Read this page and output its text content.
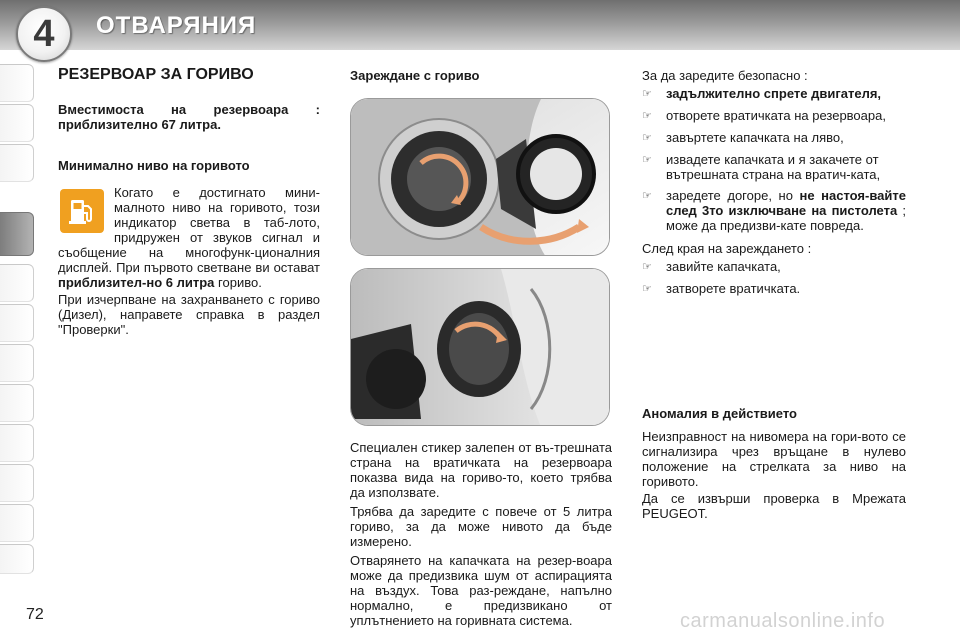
4 ОТВАРЯНИЯ

РЕЗЕРВОАР ЗА ГОРИВО

Вместимостa на резервоара : приблизително 67 литра.

Минимално ниво на горивото

Когато е достигнато мини-малното ниво на горивото, този индикатор светва в таб-лото, придружен от звуков сигнал и съобщение на многофунк-ционалния дисплей. При първото светване ви остават приблизител-но 6 литра гориво.

При изчерпване на захранването с гориво (Дизел), направете справка в раздел "Проверки".

Зареждане с гориво

Специален стикер залепен от въ-трешната страна на вратичката на резервоара показва вида на гориво-то, което трябва да използвате.

Трябва да заредите с повече от 5 литра гориво, за да може нивото да бъде измерено.

Отварянето на капачката на резер-воара може да предизвика шум от аспирацията на въздух. Това раз-реждане, напълно нормално, е предизвикано от уплътнението на горивната система.

За да заредите безопасно :

☞	задължително спрете двигателя,
☞	отворете вратичката на резервоара,
☞	завъртете капачката на ляво,
☞	извадете капачката и я закачете от вътрешната страна на вратич-ката,
☞	заредете догоре, но не настоя-вайте след 3то изключване на пистолета ; може да предизви-кате повреда.

След края на зареждането :

☞	завийте капачката,
☞	затворете вратичката.

Аномалия в действието

Неизправност на нивомера на гори-вото се сигнализира чрез връщане в нулево положение на стрелката за ниво на горивото.

Да се извърши проверка в Мрежата PEUGEOT.

72	carmanualsonline.info
